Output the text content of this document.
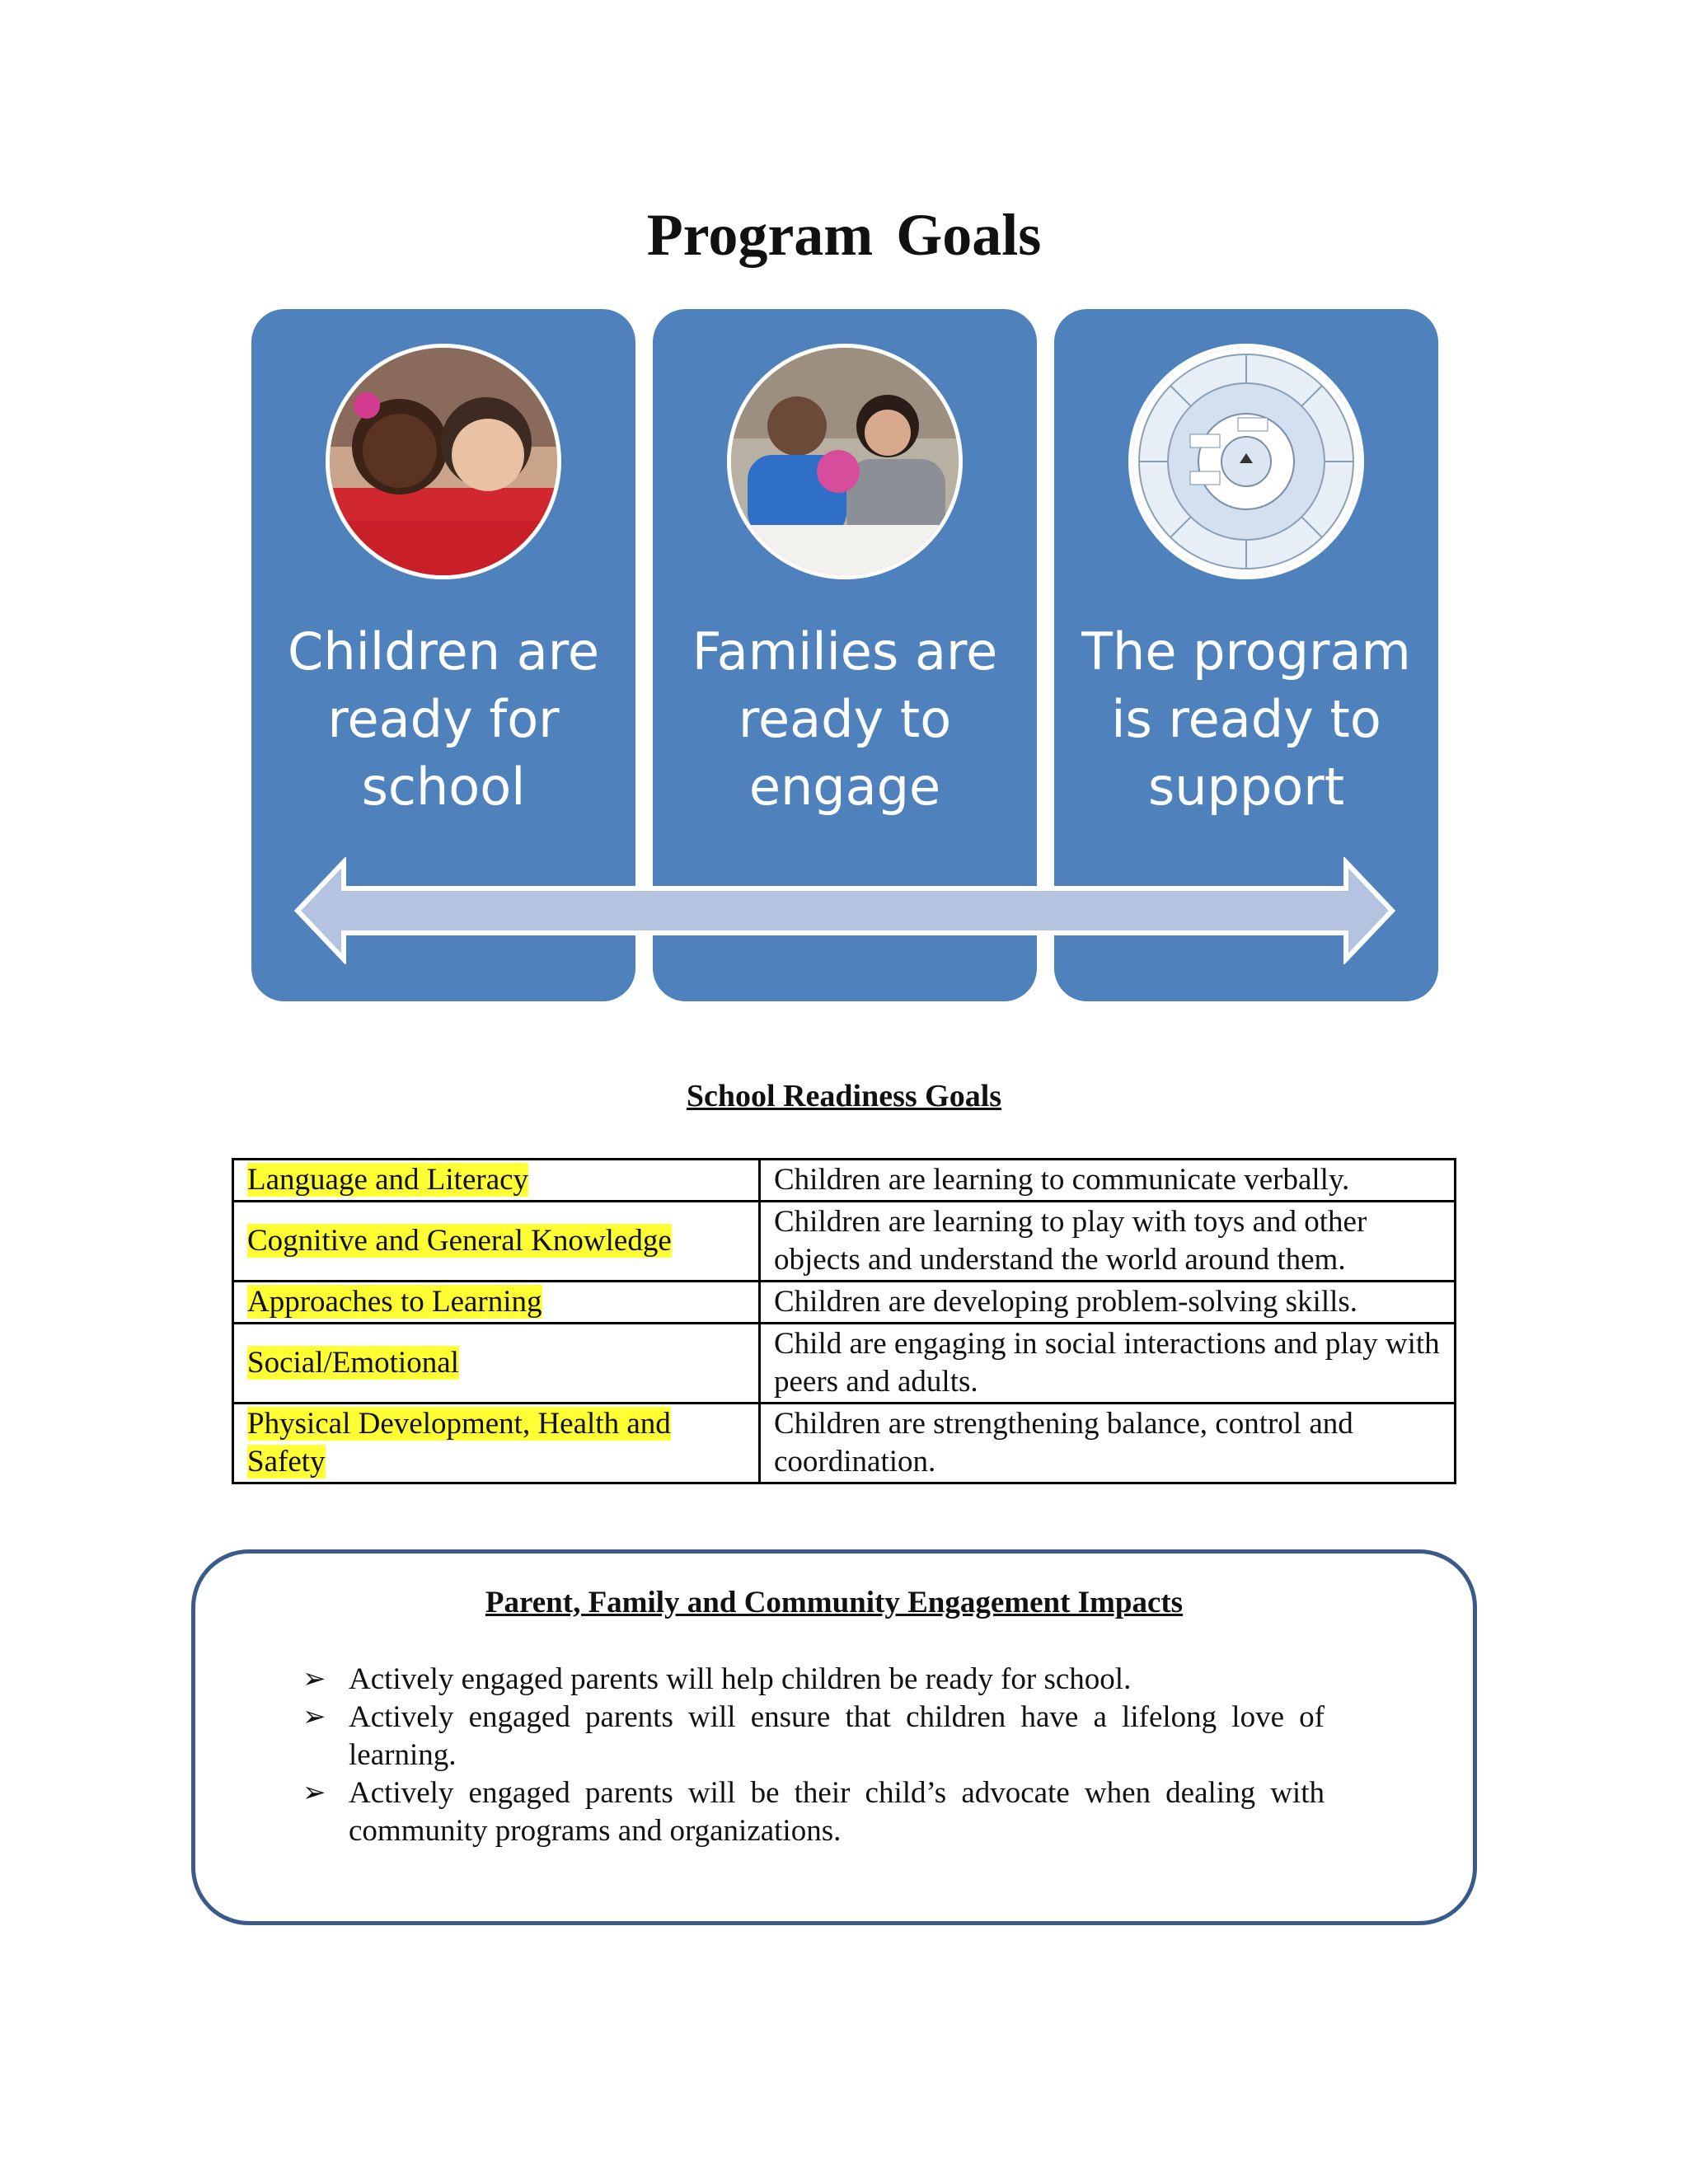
Program Goals
Children are ready for school
Families are ready to engage
The program is ready to support
School Readiness Goals
Language and Literacy	Children are learning to communicate verbally.
Cognitive and General Knowledge	Children are learning to play with toys and other objects and understand the world around them.
Approaches to Learning	Children are developing problem-solving skills.
Social/Emotional	Child are engaging in social interactions and play with peers and adults.
Physical Development, Health and Safety	Children are strengthening balance, control and coordination.
Parent, Family and Community Engagement Impacts
➢ Actively engaged parents will help children be ready for school.
➢ Actively engaged parents will ensure that children have a lifelong love of learning.
➢ Actively engaged parents will be their child’s advocate when dealing with community programs and organizations.
